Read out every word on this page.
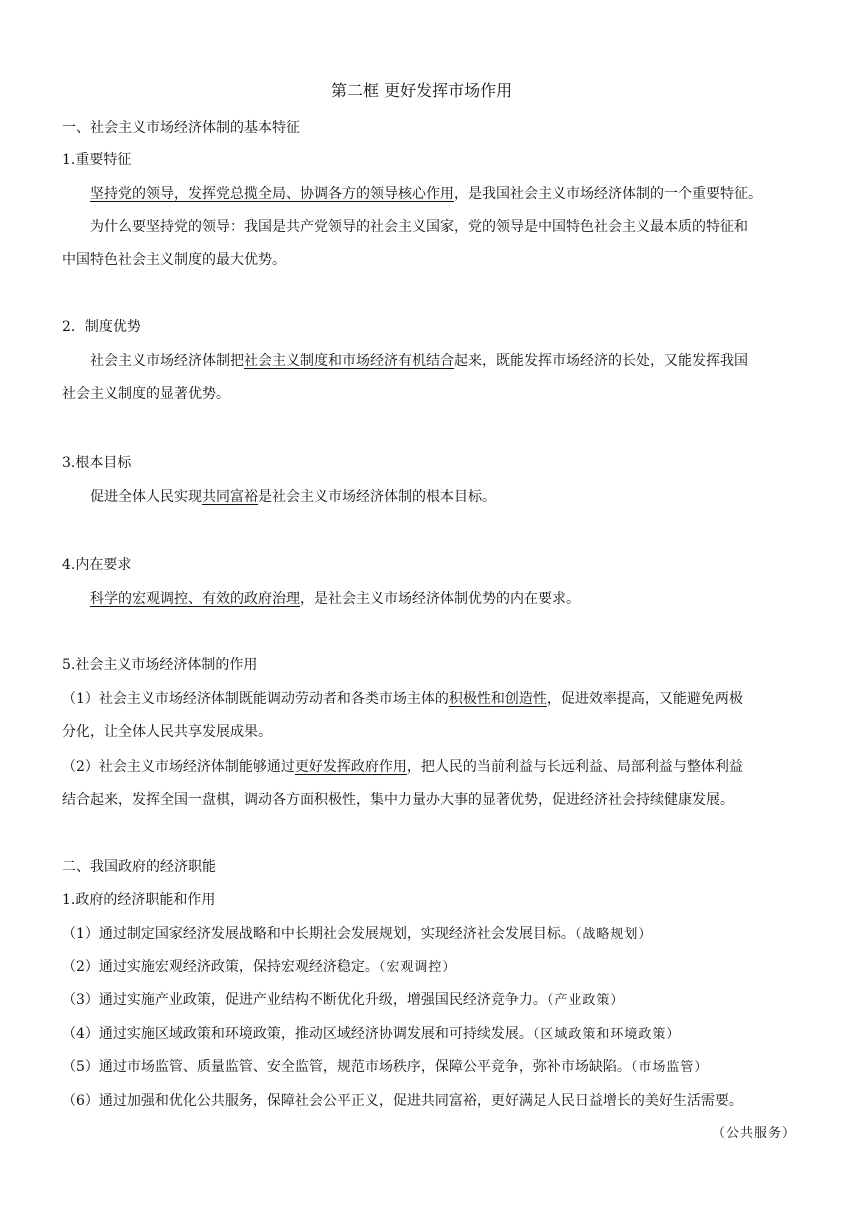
第二框 更好发挥市场作用
一、社会主义市场经济体制的基本特征
1.重要特征
坚持党的领导，发挥党总揽全局、协调各方的领导核心作用，是我国社会主义市场经济体制的一个重要特征。
为什么要坚持党的领导：我国是共产党领导的社会主义国家，党的领导是中国特色社会主义最本质的特征和
中国特色社会主义制度的最大优势。
2．制度优势
社会主义市场经济体制把社会主义制度和市场经济有机结合起来，既能发挥市场经济的长处，又能发挥我国
社会主义制度的显著优势。
3.根本目标
促进全体人民实现共同富裕是社会主义市场经济体制的根本目标。
4.内在要求
科学的宏观调控、有效的政府治理，是社会主义市场经济体制优势的内在要求。
5.社会主义市场经济体制的作用
（1）社会主义市场经济体制既能调动劳动者和各类市场主体的积极性和创造性，促进效率提高，又能避免两极
分化，让全体人民共享发展成果。
（2）社会主义市场经济体制能够通过更好发挥政府作用，把人民的当前利益与长远利益、局部利益与整体利益
结合起来，发挥全国一盘棋，调动各方面积极性，集中力量办大事的显著优势，促进经济社会持续健康发展。
二、我国政府的经济职能
1.政府的经济职能和作用
（1）通过制定国家经济发展战略和中长期社会发展规划，实现经济社会发展目标。（战略规划）
（2）通过实施宏观经济政策，保持宏观经济稳定。（宏观调控）
（3）通过实施产业政策，促进产业结构不断优化升级，增强国民经济竞争力。（产业政策）
（4）通过实施区域政策和环境政策，推动区域经济协调发展和可持续发展。（区域政策和环境政策）
（5）通过市场监管、质量监管、安全监管，规范市场秩序，保障公平竞争，弥补市场缺陷。（市场监管）
（6）通过加强和优化公共服务，保障社会公平正义，促进共同富裕，更好满足人民日益增长的美好生活需要。
（公共服务）
